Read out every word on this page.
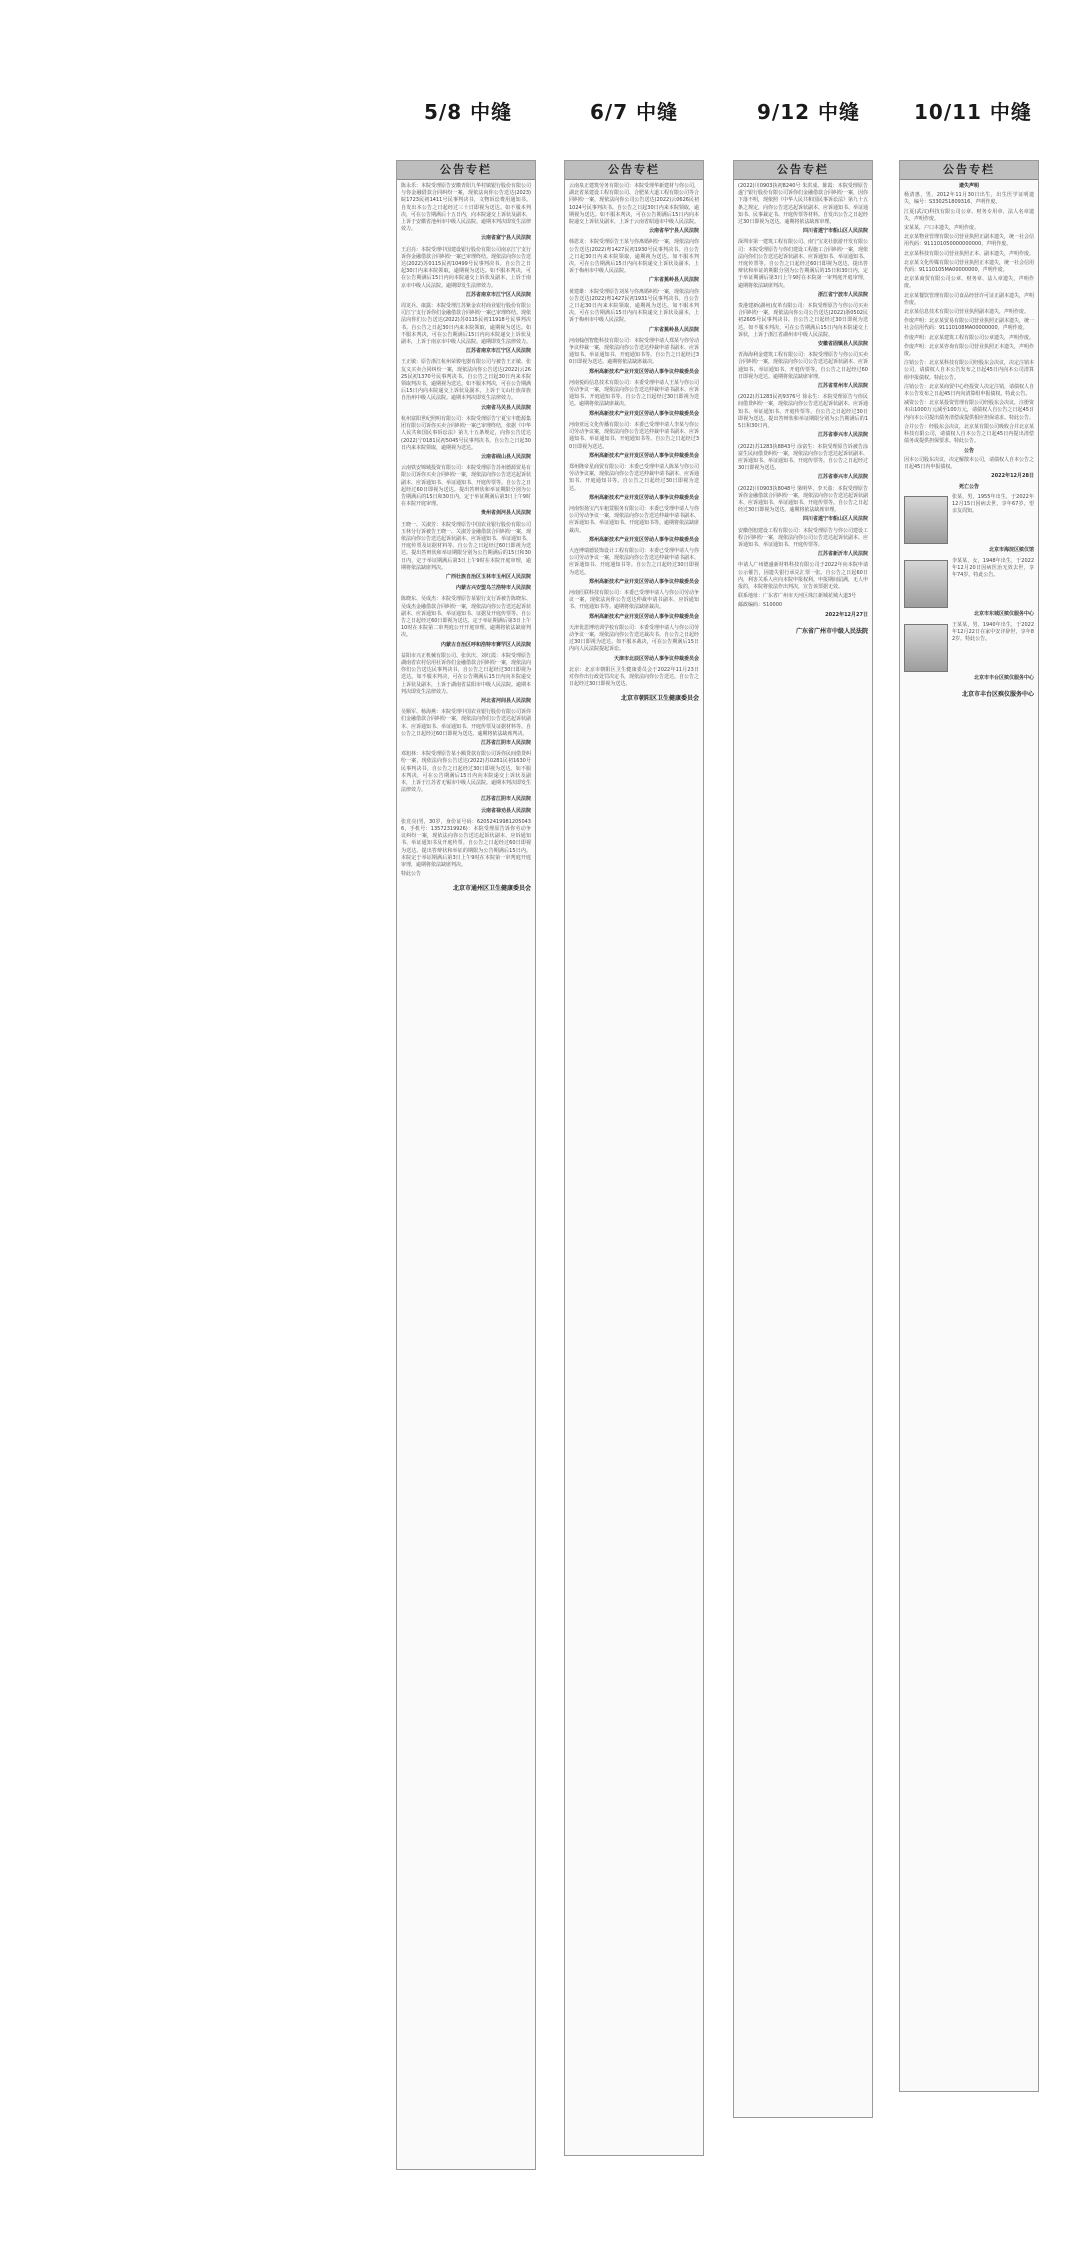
5/8 中缝	6/7 中缝	9/12 中缝	10/11 中缝
公告专栏

陈永乐：本院受理原告安徽青阳九华村镇银行股份有限公司与你金融借款合同纠纷一案，现依法向你公告送达(2023)皖1723民初1411号民事判决书，文物诉讼费用通知书。自发出本公告之日起经过三十日即视为送达。如不服本判决，可在公告期满后十五日内，向本院递交上诉状及副本，上诉于安徽省池州市中级人民法院。逾期本判决即发生法律效力。

云南省富宁县人民法院

王启亮：本院受理中国建设银行股份有限公司南京江宁支行诉你金融借款合同纠纷一案已审理终结。现依法向你公告送达(2022)苏0115民初10499号民事判决书。自公告之日起30日内来本院领取，逾期视为送达。如不服本判决，可在公告期满后15日内向本院递交上诉状及副本，上诉于南京市中级人民法院。逾期即发生法律效力。

江苏省南京市江宁区人民法院

周龙兵、康露：本院受理江苏紫金农村商业银行股份有限公司江宁支行诉你们金融借款合同纠纷一案已审理终结。现依法向你们公告送达(2022)苏0115民初11918号民事判决书。自公告之日起30日内来本院领取，逾期视为送达。如不服本判决，可在公告期满后15日内向本院递交上诉状及副本，上诉于南京市中级人民法院。逾期即发生法律效力。

江苏省南京市江宁区人民法院

王正敏：原告浙江杭州荣骏电器有限公司与被告王正敏、张友义买卖合同纠纷一案，现依法向你公告送达(2022)云2625民初1370号民事判决书。自公告之日起30日内来本院领取判决书，逾期视为送达。如不服本判决，可在公告期满后15日内向本院递交上诉状及副本，上诉于文山壮族苗族自治州中级人民法院。逾期本判决即发生法律效力。

云南省马关县人民法院

杭州富阳世纪照明有限公司：本院受理原告宁夏宝丰能源集团有限公司诉你买卖合同纠纷一案已审理终结，依据《中华人民共和国民事诉讼法》第九十五条规定，向你公告送达(2022)宁0181民初5045号民事判决书。自公告之日起30日内来本院领取，逾期视为送达。

云南省砚山县人民法院

云南铁安锦城投资有限公司：本院受理原告苏州德源贸易有限公司诉你买卖合同纠纷一案，现依法向你公告送达起诉状副本、应诉通知书、举证通知书、开庭传票等。自公告之日起经过60日即视为送达。提出答辩状和举证期限分别为公告期满后的15日和30日内，定于举证期满后第3日上午9时在本院开庭审理。

贵州省剑河县人民法院

王晓一、关淑芳：本院受理原告中国农业银行股份有限公司玉林分行诉被告王晓一、关淑芳金融借款合同纠纷一案，现依法向你公告送达起诉状副本、应诉通知书、举证通知书、开庭传票及证据材料等。自公告之日起经过60日即视为送达。提出答辩状和举证期限分别为公告期满后的15日和30日内，定于举证期满后第3日上午9时在本院开庭审理，逾期将依法缺席判决。

广西壮族自治区玉林市玉州区人民法院

内蒙古兴安盟乌兰浩特市人民法院

陈晓东、吴成杰：本院受理原告某银行支行诉被告陈晓东、吴成杰金融借款合同纠纷一案，现依法向你公告送达起诉状副本、应诉通知书、举证通知书、证据及开庭传票等。自公告之日起经过60日即视为送达，定于举证期满后第3日上午10时在本院第二审判庭公开开庭审理。逾期将依法缺席判决。

内蒙古自治区呼和浩特市赛罕区人民法院

益阳市兴正机械有限公司、张伏庆、刘红霞：本院受理原告湖南省农村信用社诉你们金融借款合同纠纷一案，现依法向你们公告送达民事判决书，自公告之日起经过30日即视为送达。如不服本判决，可在公告期满后15日内向本院递交上诉状及副本，上诉于湖南省益阳市中级人民法院。逾期本判决即发生法律效力。

河北省河间县人民法院

吴顺军、杨海燕：本院受理中国农业银行股份有限公司诉你们金融借款合同纠纷一案，现依法向你们公告送达起诉状副本、应诉通知书、举证通知书、开庭传票及证据材料等。自公告之日起经过60日即视为送达。逾期将依法缺席判决。

江苏省江阴市人民法院

邓旭林：本院受理原告某小额贷款有限公司诉你民间借贷纠纷一案，现依法向你公告送达(2022)苏0281民初1630号民事判决书。自公告之日起经过30日即视为送达。如不服本判决，可在公告期满后15日内向本院递交上诉状及副本，上诉于江苏省无锡市中级人民法院。逾期本判决即发生法律效力。

江苏省江阴市人民法院

云南省禄劝县人民法院

张竞亮(男，30岁，身份证号码：620524199812050436，手机号：13572319926)：本院受理原告诉你劳动争议纠纷一案，现依法向你公告送达起诉状副本、应诉通知书、举证通知书及开庭传票。自公告之日起经过60日即视为送达。提出答辩状和举证的期限为公告期满后15日内。本院定于举证期满后第3日上午9时在本院第一审判庭开庭审理，逾期将依法缺席判决。

特此公告

北京市通州区卫生健康委员会
公告专栏

云南泉正建筑劳务有限公司：本院受理华新建材与你公司，湖北省某建设工程有限公司、合肥某大道工程有限公司等合同纠纷一案，现依法向你公司公告送达(2022)云0626民初1024号民事判决书。自公告之日起30日内来本院领取，逾期视为送达。如不服本判决，可在公告期满后15日内向本院递交上诉状及副本，上诉于云南省昭通市中级人民法院。

云南省华宁县人民法院

韩恩龙：本院受理原告王某与你离婚纠纷一案，现依法向你公告送达(2022)粤1427民初1930号民事判决书。自公告之日起30日内来本院领取，逾期视为送达。如不服本判决，可在公告期满后15日内向本院递交上诉状及副本，上诉于梅州市中级人民法院。

广东省蕉岭县人民法院

黄建雄：本院受理原告刘某与你离婚纠纷一案，现依法向你公告送达(2022)粤1427民初1931号民事判决书。自公告之日起30日内来本院领取，逾期视为送达。如不服本判决，可在公告期满后15日内向本院递交上诉状及副本，上诉于梅州市中级人民法院。

广东省蕉岭县人民法院

河南翰创智能科技有限公司：本院受理申请人郑某与你劳动争议仲裁一案，现依法向你公告送达仲裁申请书副本、应诉通知书、举证通知书、开庭通知书等。自公告之日起经过30日即视为送达。逾期将依法缺席裁决。

郑州高新技术产业开发区劳动人事争议仲裁委员会

河南悦码信息技术有限公司：本委受理申请人王某与你公司劳动争议一案，现依法向你公告送达仲裁申请书副本、应诉通知书、开庭通知书等。自公告之日起经过30日即视为送达。逾期将依法缺席裁决。

郑州高新技术产业开发区劳动人事争议仲裁委员会

河南亚远文化传播有限公司：本委已受理申请人李某与你公司劳动争议案，现依法向你公告送达仲裁申请书副本、应诉通知书、举证通知书、开庭通知书等。自公告之日起经过30日即视为送达。

郑州高新技术产业开发区劳动人事争议仲裁委员会

郑州隆帝星商贸有限公司：本委已受理申请人陈某与你公司劳动争议案，现依法向你公告送达仲裁申请书副本、应诉通知书、开庭通知书等。自公告之日起经过30日即视为送达。

郑州高新技术产业开发区劳动人事争议仲裁委员会

河南恒扬宝汽车租赁服务有限公司：本委已受理申请人与你公司劳动争议一案，现依法向你公告送达仲裁申请书副本、应诉通知书、举证通知书、开庭通知书等。逾期将依法缺席裁决。

郑州高新技术产业开发区劳动人事争议仲裁委员会

大连博瑞德装饰设计工程有限公司：本委已受理申请人与你公司劳动争议一案，现依法向你公告送达仲裁申请书副本、应诉通知书、开庭通知书等。自公告之日起经过30日即视为送达。

郑州高新技术产业开发区劳动人事争议仲裁委员会

河南匠联科技有限公司：本委已受理申请人与你公司劳动争议一案，现依法向你公告送达仲裁申请书副本、应诉通知书、开庭通知书等。逾期将依法缺席裁决。

郑州高新技术产业开发区劳动人事争议仲裁委员会

天津优思博培训学校有限公司：本委受理申请人与你公司劳动争议一案，现依法向你公告送达裁决书。自公告之日起经过30日即视为送达。如不服本裁决，可在公告期满后15日内向人民法院提起诉讼。

天津市北辰区劳动人事争议仲裁委员会

北京：北京市朝阳区卫生健康委员会于2022年11月23日对你作出行政处罚决定书，现依法向你公告送达。自公告之日起经过30日即视为送达。

北京市朝阳区卫生健康委员会
公告专栏

(2022)川0903执初8240号 朱洪成、陈霞：本院受理原告遂宁银行股份有限公司诉你们金融借款合同纠纷一案，因你下落不明，现依照《中华人民共和国民事诉讼法》第九十五条之规定，向你公告送达起诉状副本、应诉通知书、举证通知书、民事裁定书、开庭传票等材料。自发出公告之日起经过30日即视为送达。逾期将依法缺席审理。

四川省遂宁市船山区人民法院

深圳市第一建筑工程有限公司、南宁宝龙社旅游开发有限公司：本院受理原告与你们建设工程施工合同纠纷一案，现依法向你们公告送达起诉状副本、应诉通知书、举证通知书、开庭传票等。自公告之日起经过60日即视为送达。提出答辩状和举证的期限分别为公告期满后的15日和30日内，定于举证期满后第3日上午9时在本院第一审判庭开庭审理，逾期将依法缺席判决。

浙江省宁波市人民法院

贵港建新(湖州)皮革有限公司：本院受理原告与你公司买卖合同纠纷一案，现依法向你公司公告送达(2022)浙0502民初2605号民事判决书。自公告之日起经过30日即视为送达。如不服本判决，可在公告期满后15日内向本院递交上诉状，上诉于浙江省湖州市中级人民法院。

安徽省固镇县人民法院

青海海利金建筑工程有限公司：本院受理原告与你公司买卖合同纠纷一案，现依法向你公司公告送达起诉状副本、应诉通知书、举证通知书、开庭传票等。自公告之日起经过60日即视为送达。逾期将依法缺席审理。

江苏省常州市人民法院

(2022)苏1283民初9376号 徐永生：本院受理原告与你民间借贷纠纷一案，现依法向你公告送达起诉状副本、应诉通知书、举证通知书、开庭传票等。自公告之日起经过30日即视为送达。提出答辩状和举证期限分别为公告期满后的15日和30日内。

江苏省泰兴市人民法院

(2022)苏1283执8843号 涂富生：本院受理原告诉被告涂富生民间借贷纠纷一案，现依法向你公告送达起诉状副本、应诉通知书、举证通知书、开庭传票等。自公告之日起经过30日即视为送达。

江苏省泰兴市人民法院

(2022)川0903执8048号 梁明华、李天盈：本院受理原告诉你金融借款合同纠纷一案，现依法向你公告送达起诉状副本、应诉通知书、举证通知书、开庭传票等。自公告之日起经过30日即视为送达。逾期将依法缺席审理。

四川省遂宁市船山区人民法院

安徽创旭建设工程有限公司：本院受理原告与你公司建设工程合同纠纷一案，现依法向你公司公告送达起诉状副本、应诉通知书、举证通知书、开庭传票等。

江苏省新沂市人民法院

申请人广州德盛新材料科技有限公司于2022年向本院申请公示催告，因遗失银行承兑汇票一张。自公告之日起60日内，利害关系人应向本院申报权利。申报期间届满，无人申报的，本院将依法作出判决，宣告该票据无效。

联系地址：广东省广州市天河区珠江新城花城大道3号

邮政编码：510000

2022年12月27日

广东省广州市中级人民法院
公告专栏

遗失声明

杨清惠，男，2012年11月30日出生，出生医学证明遗失，编号：S330251809316，声明作废。

江夏(武汉)科技有限公司公章、财务专用章、法人名章遗失，声明作废。

宋某某，户口本遗失，声明作废。

北京某物业管理有限公司营业执照正副本遗失，统一社会信用代码：911101050000000000，声明作废。

北京某科技有限公司营业执照正本、副本遗失，声明作废。

北京某文化传媒有限公司营业执照正本遗失，统一社会信用代码：91110105MA00000000，声明作废。

北京某商贸有限公司公章、财务章、法人章遗失，声明作废。

北京某餐饮管理有限公司食品经营许可证正副本遗失，声明作废。

北京某信息技术有限公司营业执照副本遗失，声明作废。

作废声明：北京某贸易有限公司营业执照正副本遗失，统一社会信用代码：91110108MA00000000，声明作废。

作废声明：北京某建筑工程有限公司公章遗失，声明作废。

作废声明：北京某咨询有限公司营业执照正本遗失，声明作废。

注销公告：北京某科技有限公司经股东会决议，决定注销本公司，请债权人自本公告发布之日起45日内向本公司清算组申报债权。特此公告。

注销公告：北京某商贸中心经投资人决定注销，请债权人自本公告发布之日起45日内向清算组申报债权。特此公告。

减资公告：北京某投资管理有限公司经股东会决议，注册资本由1000万元减至100万元，请债权人自公告之日起45日内向本公司提出债务清偿或提供相应担保请求。特此公告。

合并公告：经股东会决议，北京某有限公司吸收合并北京某科技有限公司，请债权人自本公告之日起45日内提出清偿债务或提供担保要求。特此公告。

公告

因本公司股东决议，决定解散本公司，请债权人自本公告之日起45日内申报债权。

2022年12月28日

死亡公告

张某，男，1955年出生，于2022年12月15日因病去世，享年67岁。望亲友周知。

北京市海淀区殡仪馆

李某某，女，1948年出生，于2022年12月20日因病医治无效去世，享年74岁。特此公告。

北京市东城区殡仪服务中心

王某某，男，1940年出生，于2022年12月22日在家中安详辞世，享年82岁。特此公告。

北京市丰台区殡仪服务中心

北京市丰台区殡仪服务中心
